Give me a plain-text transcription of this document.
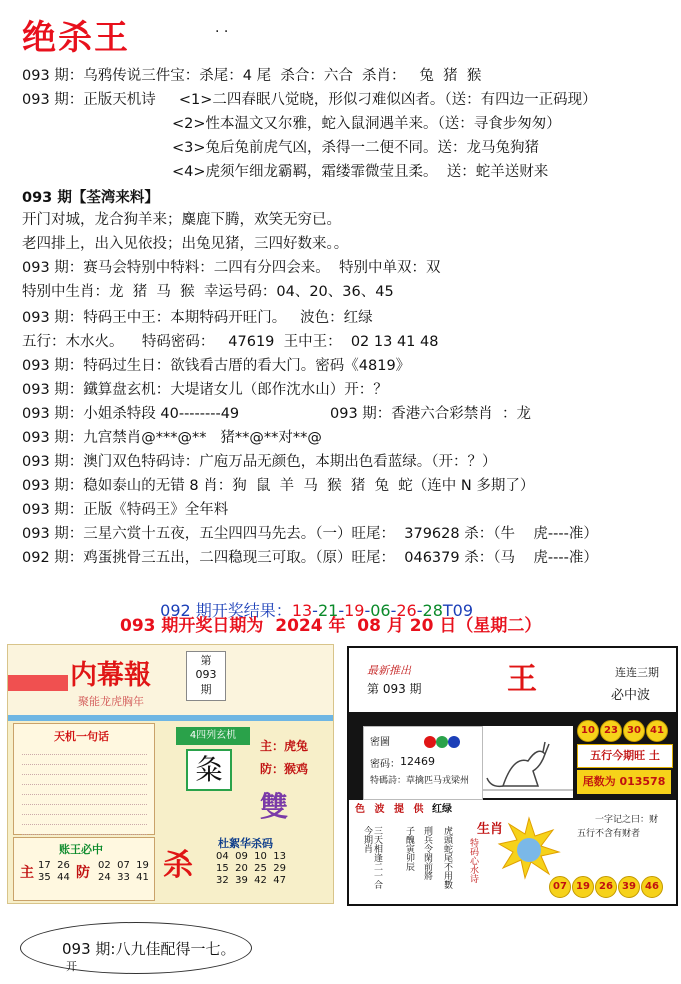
绝杀王	. .
093 期：乌鸦传说三件宝：杀尾：4 尾  杀合：六合  杀肖：   兔  猪  猴
093 期：正版天机诗     <1>二四春眠八觉晓，形似刁难似凶者。（送：有四边一正码现）
<2>性本温文又尔雅，蛇入鼠洞遇羊来。（送：寻食步匆匆）
<3>兔后兔前虎气凶，杀得一二便不同。送：龙马兔狗猪
<4>虎须乍细龙霸羁，霜缕霏微莹且柔。  送：蛇羊送财来
093 期【荃湾来料】
开门对城，龙合狗羊来；麋鹿下腾，欢笑无穷已。
老四排上，出入见依投；出兔见猪，三四好数来。。
093 期：赛马会特别中特料：二四有分四会来。  特别中单双：双
特别中生肖：龙  猪  马  猴  幸运号码：04、20、36、45
093 期：特码王中王：本期特码开旺门。   波色：红绿
五行：木水火。    特码密码：   47619  王中王：  02 13 41 48
093 期：特码过生日：欲钱看古厝的看大门。密码《4819》
093 期：鐵算盘玄机：大堤诸女儿（郎作沈水山）开：？
093 期：小姐杀特段 40--------49
093 期：九宫禁肖@***@**   猪**@**对**@
093 期：澳门双色特码诗：广庖万品无颜色，本期出色看蓝绿。（开：？）
093 期：稳如泰山的无错 8 肖：狗  鼠  羊  马  猴  猪  兔  蛇（连中 N 多期了）
093 期：正版《特码王》全年料
093 期：三星六赏十五夜，五尘四四马先去。（一）旺尾：  379628 杀：（牛    虎----准）
092 期：鸡蛋挑骨三五出，二四稳现三可取。（原）旺尾：  046379 杀：（马    虎----准）
093 期：香港六合彩禁肖  ：龙

092 期开奖结果：13-21-19-06-26-28T09

093 期开奖日期为  2024 年  08 月 20 日（星期二）
内幕報
聚能龙虎胸年
第
093
期
天机一句话	4四列玄机
粂
主：虎兔
防：猴鸡
雙
账王必中
主 17  26
35  44 防 02  07  19
24  33  41 杀
杜絮华杀码
04  09  10  13
15  20  25  29
32  39  42  47
最新推出
第 093 期	王	连连三期
必中波
密圖
密码： 12469
特碼詩：草擒匹马戎梁州
10 23 30 41
五行今期旺 土
尾数为 013578
色 波 提 供 红绿
今期肖 三天相逢二一合 子醜寅卯辰 刑兵令閑前將 虎頭蛇尾不用數 生肖
特码心水诗
一字记之曰：财
五行不含有财者
07 19 26 39 46
093 期:八九佳配得一七。
开
